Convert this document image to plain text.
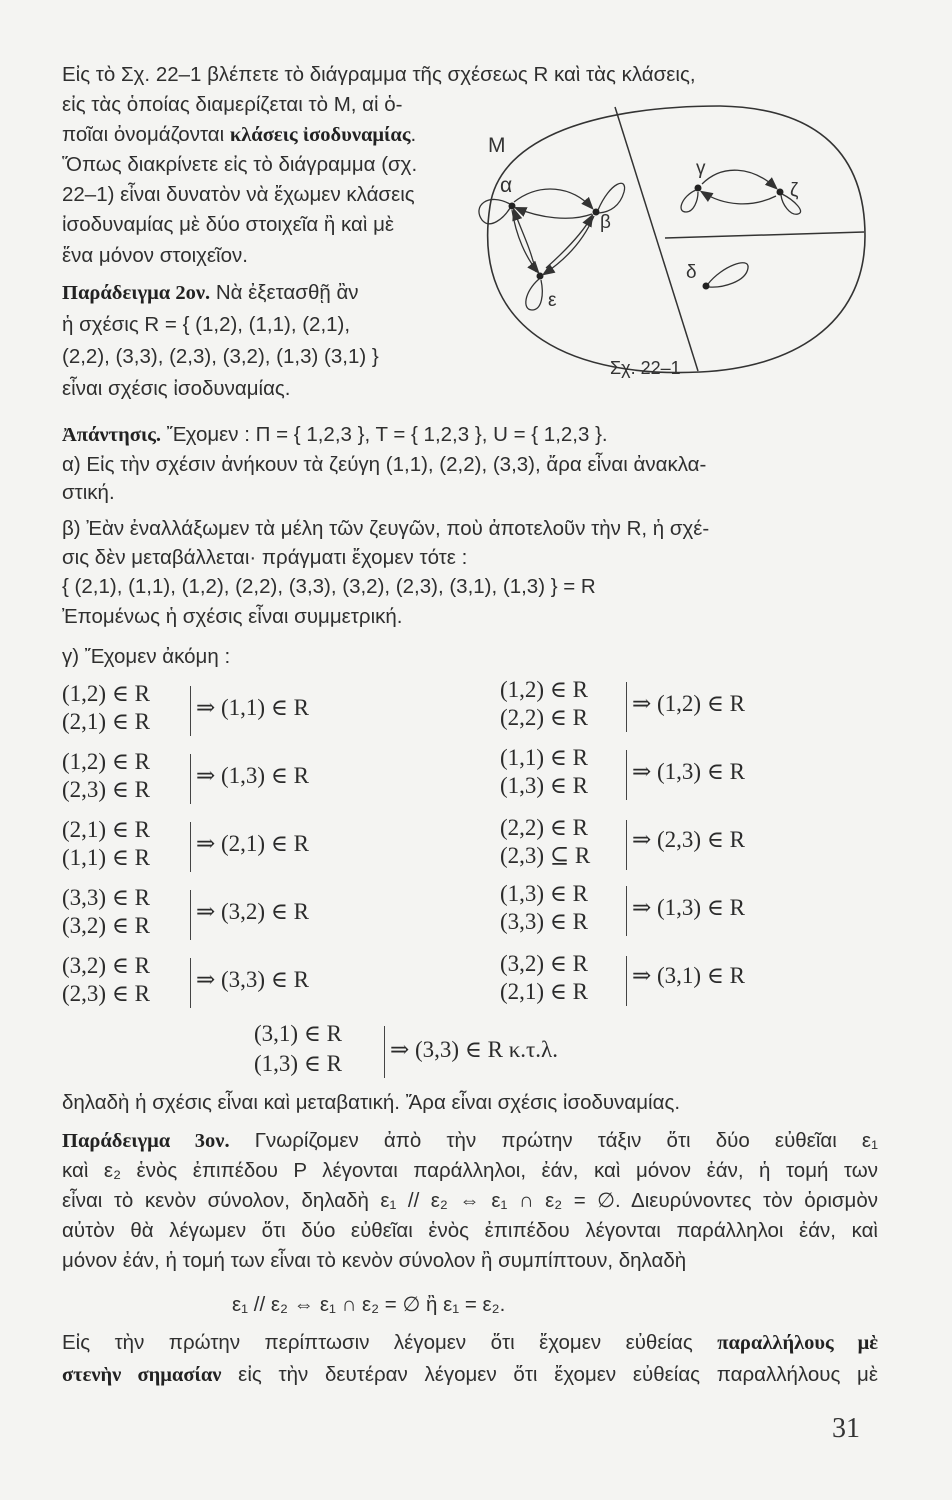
Εἰς τὸ Σχ. 22–1 βλέπετε τὸ διάγραμμα τῆς σχέσεως R καὶ τὰς κλάσεις,
εἰς τὰς ὁποίας διαμερίζεται τὸ Μ, αἱ ὁ-
ποῖαι ὀνομάζονται κλάσεις ἰσοδυναμίας.
Ὅπως διακρίνετε εἰς τὸ διάγραμμα (σχ.
22–1) εἶναι δυνατὸν νὰ ἔχωμεν κλάσεις
ἰσοδυναμίας μὲ δύο στοιχεῖα ἢ καὶ μὲ
ἕνα μόνον στοιχεῖον.
Παράδειγμα 2ον. Νὰ ἐξετασθῇ ἂν
ἡ σχέσις R = { (1,2), (1,1), (2,1),
(2,2), (3,3), (2,3), (3,2), (1,3) (3,1) }
εἶναι σχέσις ἰσοδυναμίας.
α
β
ε
Μ
γ
ζ
δ
Σχ. 22–1
Ἀπάντησις. Ἔχομεν : Π = { 1,2,3 }, Τ = { 1,2,3 }, U = { 1,2,3 }.
α) Εἰς τὴν σχέσιν ἀνήκουν τὰ ζεύγη (1,1), (2,2), (3,3), ἄρα εἶναι ἀνακλα-
στική.
β) Ἐὰν ἐναλλάξωμεν τὰ μέλη τῶν ζευγῶν, ποὺ ἀποτελοῦν τὴν R, ἡ σχέ-
σις δὲν μεταβάλλεται· πράγματι ἔχομεν τότε :
{ (2,1), (1,1), (1,2), (2,2), (3,3), (3,2), (2,3), (3,1), (1,3) } = R
Ἐπομένως ἡ σχέσις εἶναι συμμετρική.
γ) Ἔχομεν ἀκόμη :
(1,2) ∈ R
(2,1) ∈ R
⇒ (1,1) ∈ R
(1,2) ∈ R
(2,3) ∈ R
⇒ (1,3) ∈ R
(2,1) ∈ R
(1,1) ∈ R
⇒ (2,1) ∈ R
(3,3) ∈ R
(3,2) ∈ R
⇒ (3,2) ∈ R
(3,2) ∈ R
(2,3) ∈ R
⇒ (3,3) ∈ R
(1,2) ∈ R
(2,2) ∈ R
⇒ (1,2) ∈ R
(1,1) ∈ R
(1,3) ∈ R
⇒ (1,3) ∈ R
(2,2) ∈ R
(2,3) ⊆ R
⇒ (2,3) ∈ R
(1,3) ∈ R
(3,3) ∈ R
⇒ (1,3) ∈ R
(3,2) ∈ R
(2,1) ∈ R
⇒ (3,1) ∈ R
(3,1) ∈ R
(1,3) ∈ R
⇒ (3,3) ∈ R κ.τ.λ.
δηλαδὴ ἡ σχέσις εἶναι καὶ μεταβατική. Ἄρα εἶναι σχέσις ἰσοδυναμίας.
Παράδειγμα 3ον. Γνωρίζομεν ἀπὸ τὴν πρώτην τάξιν ὅτι δύο εὐθεῖαι ε₁
καὶ ε₂ ἑνὸς ἐπιπέδου Ρ λέγονται παράλληλοι, ἐάν, καὶ μόνον ἐάν, ἡ τομή των
εἶναι τὸ κενὸν σύνολον, δηλαδὴ ε₁ // ε₂ ⇔ ε₁ ∩ ε₂ = ∅. Διευρύνοντες τὸν ὁρισμὸν
αὐτὸν θὰ λέγωμεν ὅτι δύο εὐθεῖαι ἑνὸς ἐπιπέδου λέγονται παράλληλοι ἐάν, καὶ
μόνον ἐάν, ἡ τομή των εἶναι τὸ κενὸν σύνολον ἢ συμπίπτουν, δηλαδὴ
ε₁ // ε₂ ⇔ ε₁ ∩ ε₂ = ∅ ἢ ε₁ = ε₂.
Εἰς τὴν πρώτην περίπτωσιν λέγομεν ὅτι ἔχομεν εὐθείας παραλλήλους μὲ
στενὴν σημασίαν εἰς τὴν δευτέραν λέγομεν ὅτι ἔχομεν εὐθείας παραλλήλους μὲ
31
